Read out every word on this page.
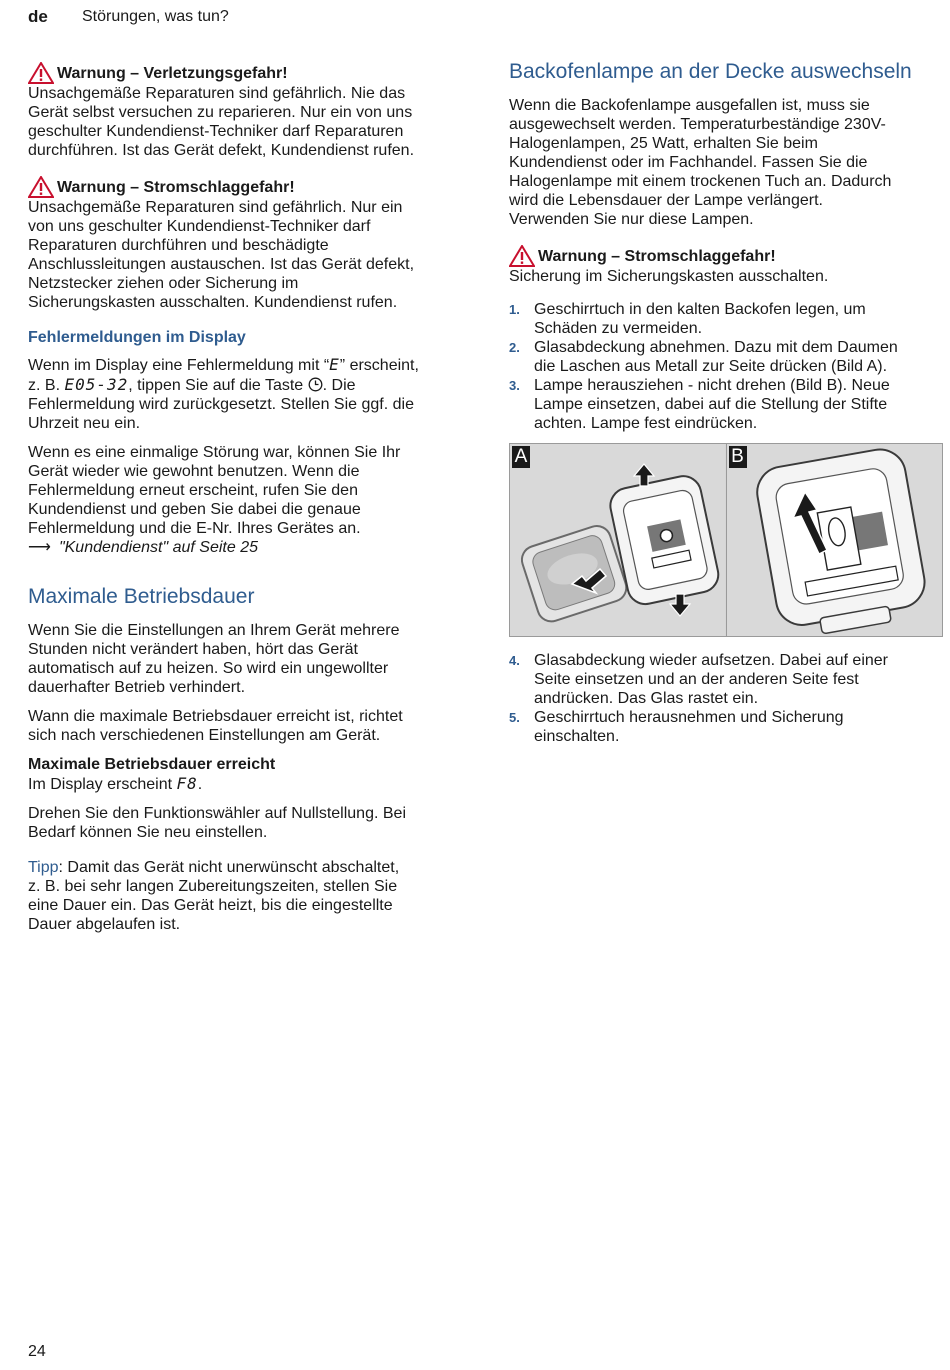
de Störungen, was tun?
Warnung – Verletzungsgefahr!

Unsachgemäße Reparaturen sind gefährlich. Nie das

Gerät selbst versuchen zu reparieren. Nur ein von uns

geschulter Kundendienst-Techniker darf Reparaturen

durchführen. Ist das Gerät defekt, Kundendienst rufen.

Warnung – Stromschlaggefahr!

Unsachgemäße Reparaturen sind gefährlich. Nur ein

von uns geschulter Kundendienst-Techniker darf

Reparaturen durchführen und beschädigte

Anschlussleitungen austauschen. Ist das Gerät defekt,

Netzstecker ziehen oder Sicherung im

Sicherungskasten ausschalten. Kundendienst rufen.

Fehlermeldungen im Display

Wenn im Display eine Fehlermeldung mit “E” erscheint,

z. B. E05-32, tippen Sie auf die Taste . Die

Fehlermeldung wird zurückgesetzt. Stellen Sie ggf. die

Uhrzeit neu ein.

Wenn es eine einmalige Störung war, können Sie Ihr

Gerät wieder wie gewohnt benutzen. Wenn die

Fehlermeldung erneut erscheint, rufen Sie den

Kundendienst und geben Sie dabei die genaue

Fehlermeldung und die E-Nr. Ihres Gerätes an.

⟶ "Kundendienst" auf Seite 25

Maximale Betriebsdauer

Wenn Sie die Einstellungen an Ihrem Gerät mehrere

Stunden nicht verändert haben, hört das Gerät

automatisch auf zu heizen. So wird ein ungewollter

dauerhafter Betrieb verhindert.

Wann die maximale Betriebsdauer erreicht ist, richtet

sich nach verschiedenen Einstellungen am Gerät.

Maximale Betriebsdauer erreicht

Im Display erscheint F8.

Drehen Sie den Funktionswähler auf Nullstellung. Bei

Bedarf können Sie neu einstellen.

Tipp: Damit das Gerät nicht unerwünscht abschaltet,

z. B. bei sehr langen Zubereitungszeiten, stellen Sie

eine Dauer ein. Das Gerät heizt, bis die eingestellte

Dauer abgelaufen ist.

Backofenlampe an der Decke auswechseln

Wenn die Backofenlampe ausgefallen ist, muss sie

ausgewechselt werden. Temperaturbeständige 230V-

Halogenlampen, 25 Watt, erhalten Sie beim

Kundendienst oder im Fachhandel. Fassen Sie die

Halogenlampe mit einem trockenen Tuch an. Dadurch

wird die Lebensdauer der Lampe verlängert.

Verwenden Sie nur diese Lampen.

Warnung – Stromschlaggefahr!

Sicherung im Sicherungskasten ausschalten.

1. Geschirrtuch in den kalten Backofen legen, um

Schäden zu vermeiden.

2. Glasabdeckung abnehmen. Dazu mit dem Daumen

die Laschen aus Metall zur Seite drücken (Bild A).

3. Lampe herausziehen - nicht drehen (Bild B). Neue

Lampe einsetzen, dabei auf die Stellung der Stifte

achten. Lampe fest eindrücken.

A	B
4. Glasabdeckung wieder aufsetzen. Dabei auf einer

Seite einsetzen und an der anderen Seite fest

andrücken. Das Glas rastet ein.

5. Geschirrtuch herausnehmen und Sicherung

einschalten.

24
